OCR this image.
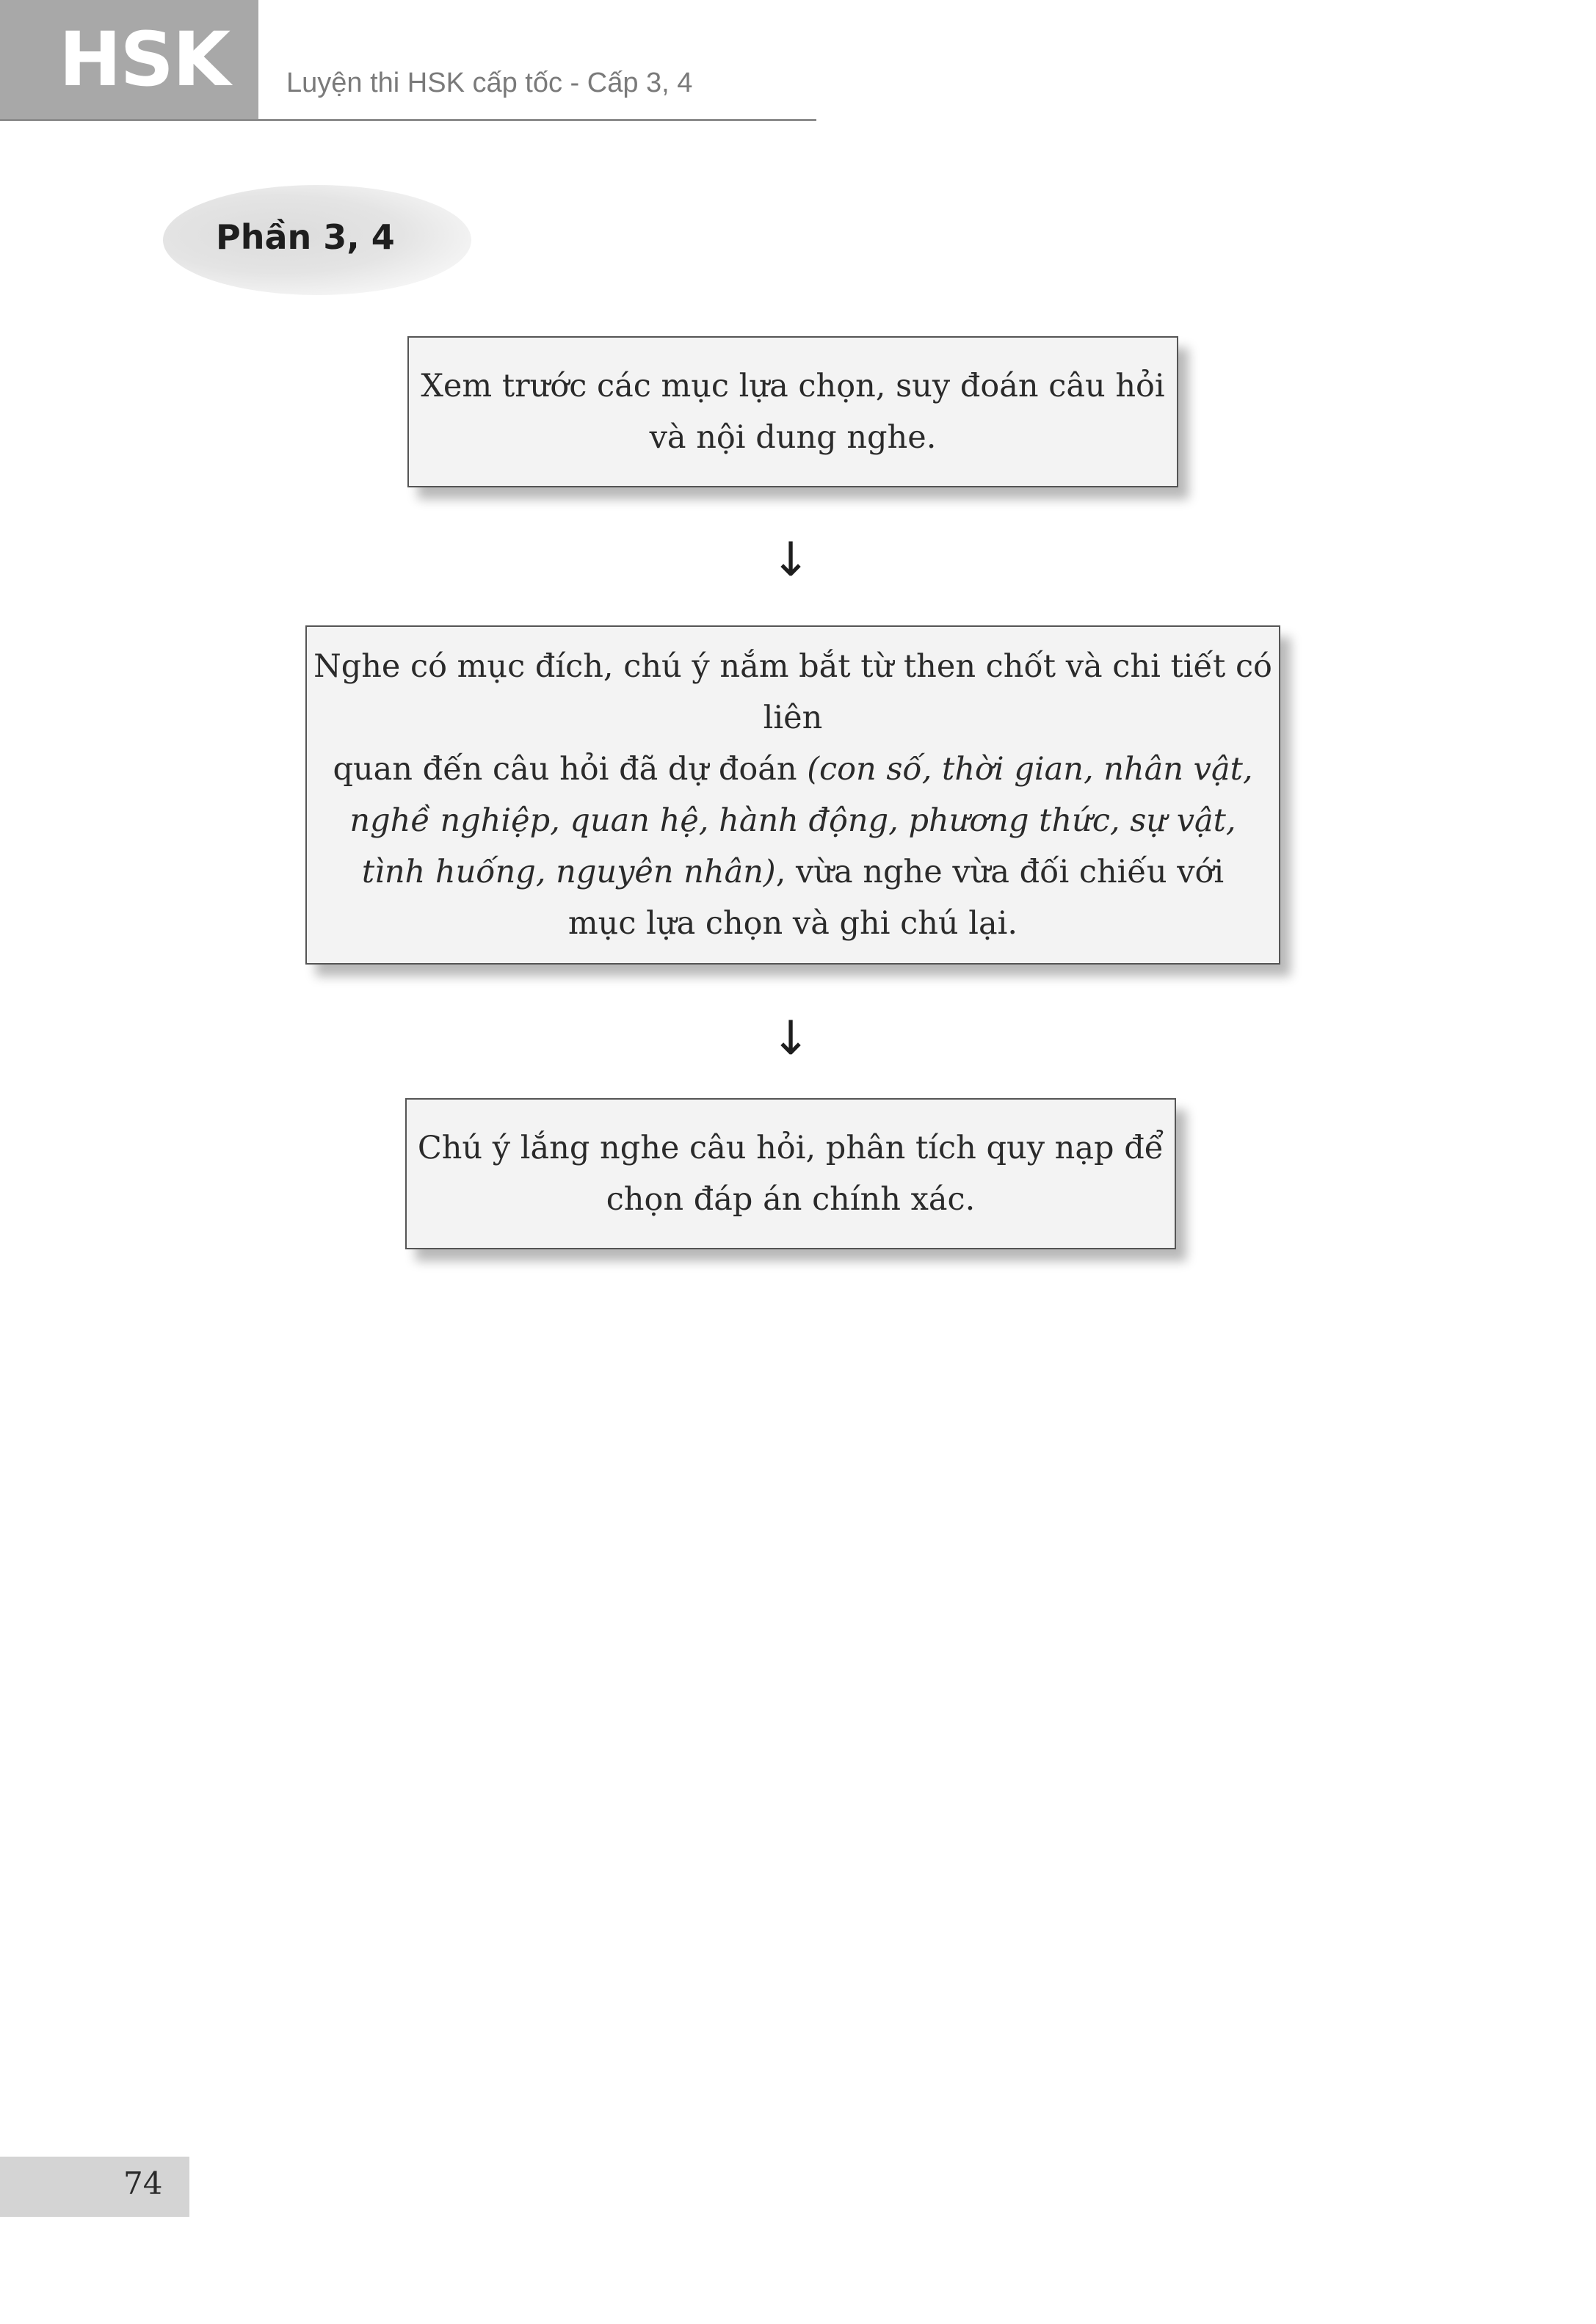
HSK	Luyện thi HSK cấp tốc - Cấp 3, 4
Phần 3, 4

Xem trước các mục lựa chọn, suy đoán câu hỏi

và nội dung nghe.

↓

Nghe có mục đích, chú ý nắm bắt từ then chốt và chi tiết có liên

quan đến câu hỏi đã dự đoán (con số, thời gian, nhân vật,

nghề nghiệp, quan hệ, hành động, phương thức, sự vật,

tình huống, nguyên nhân), vừa nghe vừa đối chiếu với

mục lựa chọn và ghi chú lại.

↓

Chú ý lắng nghe câu hỏi, phân tích quy nạp để

chọn đáp án chính xác.

74
